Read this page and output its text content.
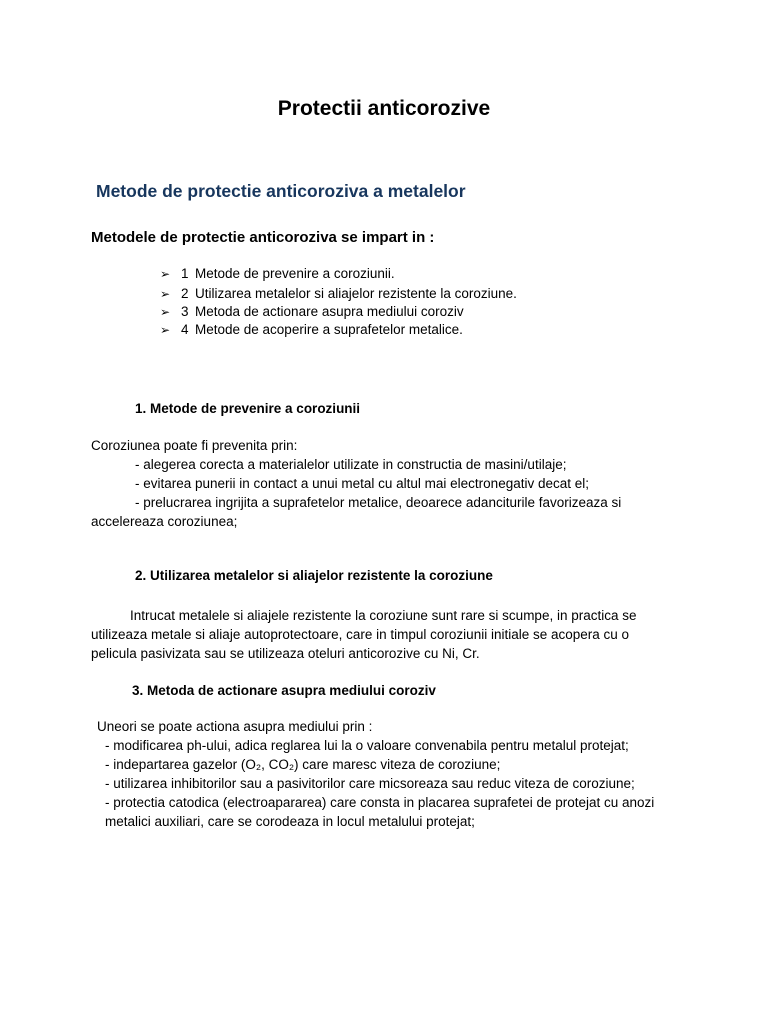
Protectii anticorozive
Metode de protectie anticoroziva a metalelor
Metodele de protectie anticoroziva se impart in :
➢ 1 Metode de prevenire a coroziunii.
➢ 2 Utilizarea metalelor si aliajelor rezistente la coroziune.
➢ 3 Metoda de actionare asupra mediului coroziv
➢ 4 Metode de acoperire a suprafetelor metalice.
1. Metode de prevenire a coroziunii
Coroziunea poate fi prevenita prin:
- alegerea corecta a materialelor utilizate in constructia de masini/utilaje;
- evitarea punerii in contact a unui metal cu altul mai electronegativ decat el;
- prelucrarea ingrijita a suprafetelor metalice, deoarece adanciturile favorizeaza si
accelereaza coroziunea;
2. Utilizarea metalelor si aliajelor rezistente la coroziune
Intrucat metalele si aliajele rezistente la coroziune sunt rare si scumpe, in practica se
utilizeaza metale si aliaje autoprotectoare, care in timpul coroziunii initiale se acopera cu o
pelicula pasivizata sau se utilizeaza oteluri anticorozive cu Ni, Cr.
3. Metoda de actionare asupra mediului coroziv
Uneori se poate actiona asupra mediului prin :
- modificarea ph-ului, adica reglarea lui la o valoare convenabila pentru metalul protejat;
- indepartarea gazelor (O₂, CO₂) care maresc viteza de coroziune;
- utilizarea inhibitorilor sau a pasivitorilor care micsoreaza sau reduc viteza de coroziune;
- protectia catodica (electroapararea) care consta in placarea suprafetei de protejat cu anozi
metalici auxiliari, care se corodeaza in locul metalului protejat;
